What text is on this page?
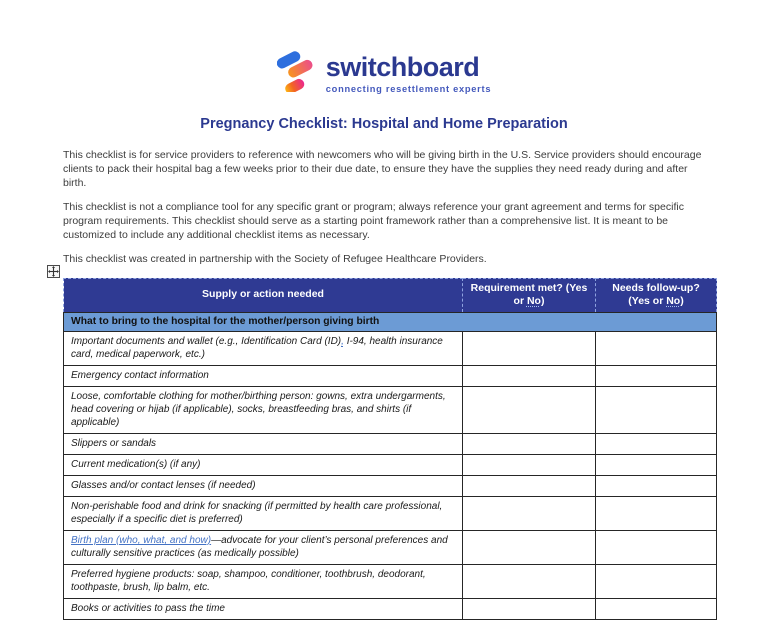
switchboard
connecting resettlement experts
Pregnancy Checklist: Hospital and Home Preparation

This checklist is for service providers to reference with newcomers who will be giving birth in the U.S. Service providers should encourage clients to pack their hospital bag a few weeks prior to their due date, to ensure they have the supplies they need ready during and after birth.

This checklist is not a compliance tool for any specific grant or program; always reference your grant agreement and terms for specific program requirements. This checklist should serve as a starting point framework rather than a comprehensive list. It is meant to be customized to include any additional checklist items as necessary.

This checklist was created in partnership with the Society of Refugee Healthcare Providers.

Supply or action needed	Requirement met? (Yes or No)	Needs follow-up? (Yes or No)
What to bring to the hospital for the mother/person giving birth		
Important documents and wallet (e.g., Identification Card (ID), I-94, health insurance card, medical paperwork, etc.)		
Emergency contact information		
Loose, comfortable clothing for mother/birthing person: gowns, extra undergarments, head covering or hijab (if applicable), socks, breastfeeding bras, and shirts (if applicable)		
Slippers or sandals		
Current medication(s) (if any)		
Glasses and/or contact lenses (if needed)		
Non-perishable food and drink for snacking (if permitted by health care professional, especially if a specific diet is preferred)		
Birth plan (who, what, and how)—advocate for your client’s personal preferences and culturally sensitive practices (as medically possible)		
Preferred hygiene products: soap, shampoo, conditioner, toothbrush, deodorant, toothpaste, brush, lip balm, etc.		
Books or activities to pass the time		
